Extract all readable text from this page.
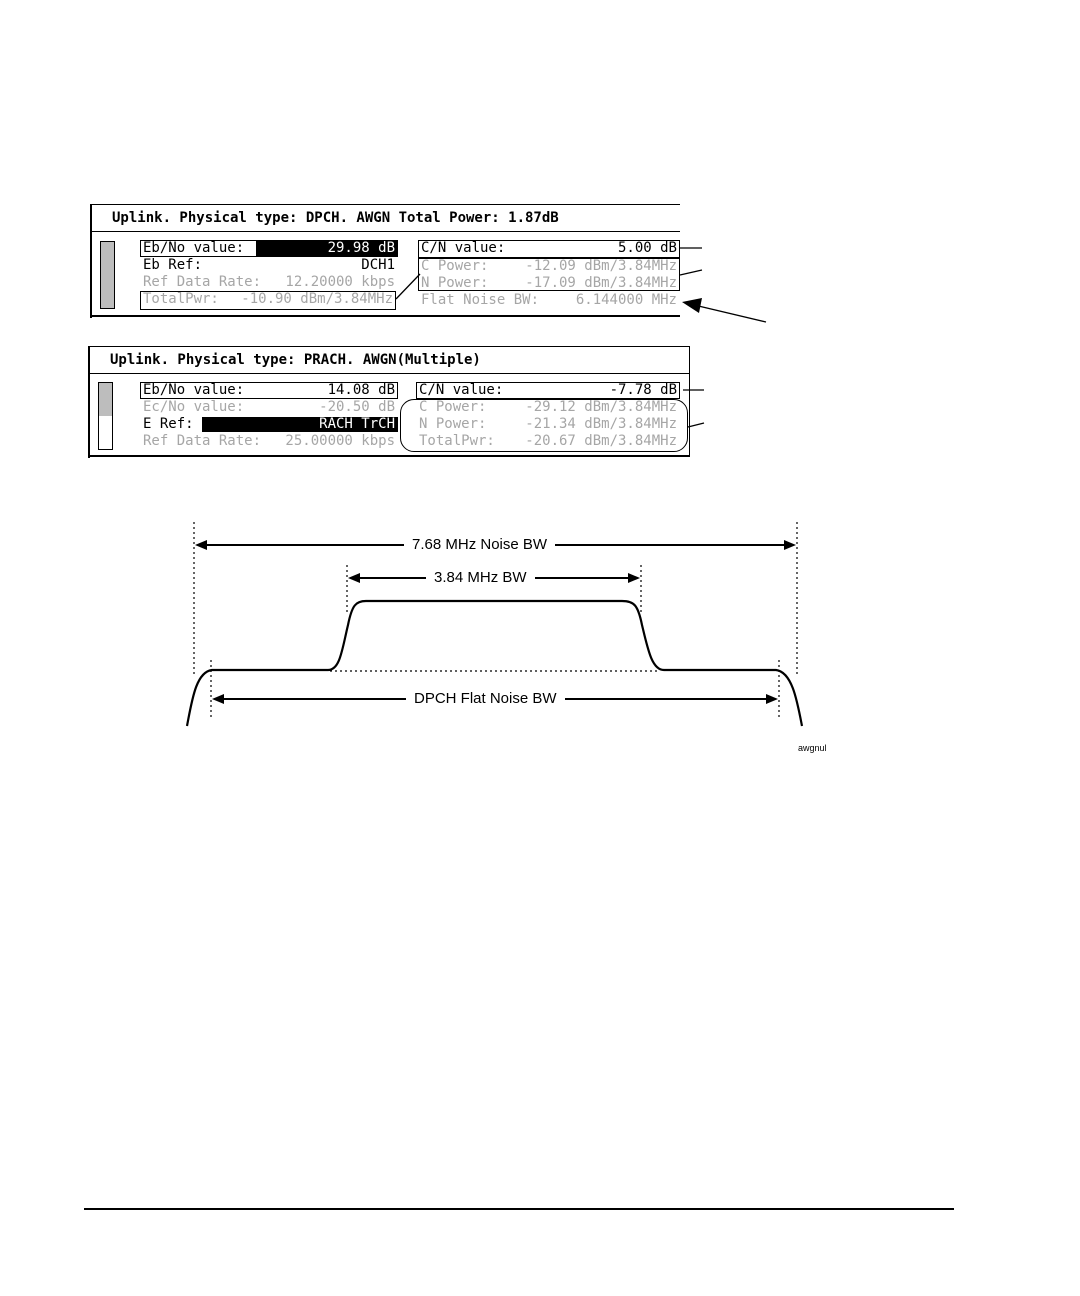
Uplink. Physical type: DPCH. AWGN Total Power: 1.87dB
Eb/No value:	29.98 dB
Eb Ref:	DCH1
Ref Data Rate: 12.20000 kbps
TotalPwr: -10.90 dBm/3.84MHz
C/N value:	5.00 dB
C Power:	-12.09 dBm/3.84MHz
N Power:	-17.09 dBm/3.84MHz
Flat Noise BW:	6.144000 MHz
Uplink. Physical type: PRACH. AWGN(Multiple)
Eb/No value:	14.08 dB
Ec/No value:	-20.50 dB
E Ref:	RACH TrCH
Ref Data Rate: 25.00000 kbps
C/N value:	-7.78 dB
C Power:	-29.12 dBm/3.84MHz
N Power:	-21.34 dBm/3.84MHz
TotalPwr: -20.67 dBm/3.84MHz
7.68 MHz Noise BW
3.84 MHz BW
DPCH Flat Noise BW
awgnul
